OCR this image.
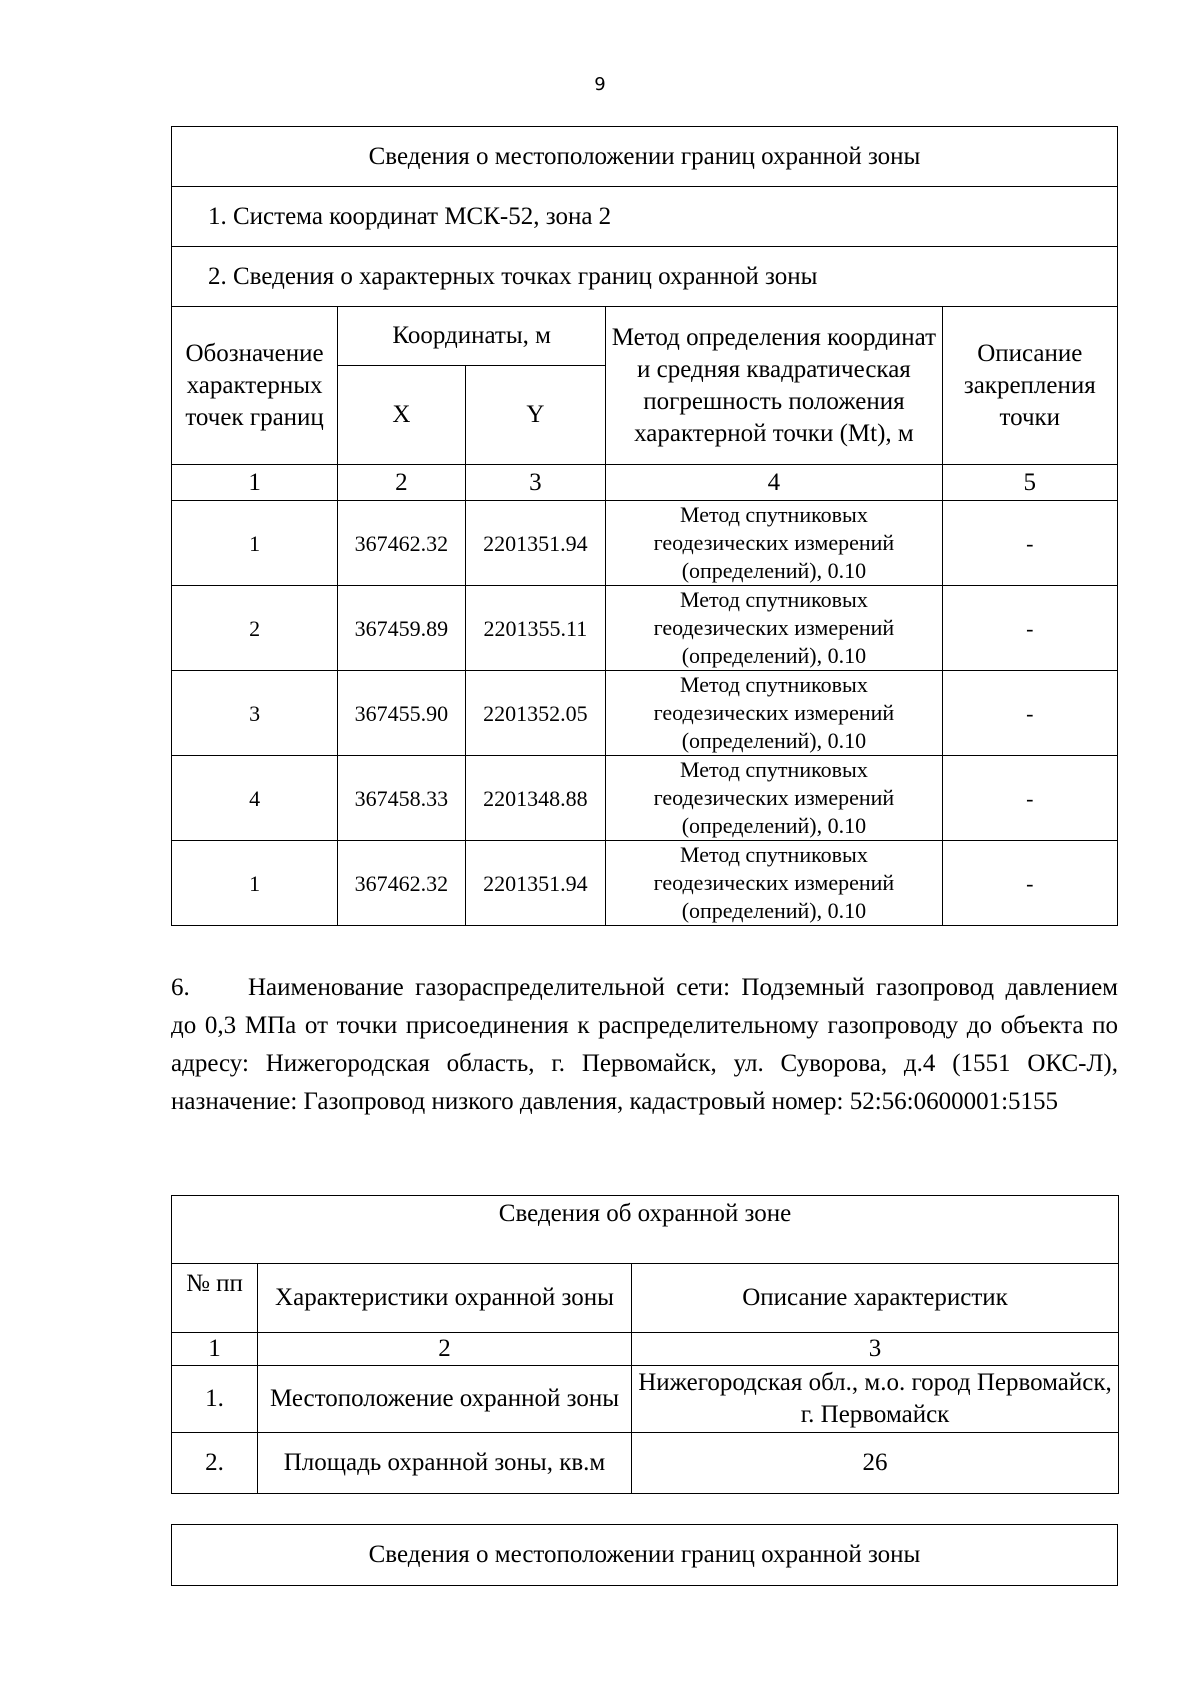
9
Сведения о местоположении границ охранной зоны				
1. Система координат МСК-52, зона 2				
2. Сведения о характерных точках границ охранной зоны				
Обозначение характерных точек границ	Координаты, м		Метод определения координат и средняя квадратическая погрешность положения характерной точки (Mt), м	Описание закрепления точки
	X	Y		
1	2	3	4	5
1	367462.32	2201351.94	Метод спутниковых геодезических измерений (определений), 0.10	-
2	367459.89	2201355.11	Метод спутниковых геодезических измерений (определений), 0.10	-
3	367455.90	2201352.05	Метод спутниковых геодезических измерений (определений), 0.10	-
4	367458.33	2201348.88	Метод спутниковых геодезических измерений (определений), 0.10	-
1	367462.32	2201351.94	Метод спутниковых геодезических измерений (определений), 0.10	-

6. Наименование газораспределительной сети: Подземный газопровод давлением до 0,3 МПа от точки присоединения к распределительному газопроводу до объекта по адресу: Нижегородская область, г. Первомайск, ул. Суворова, д.4 (1551 ОКС-Л), назначение: Газопровод низкого давления, кадастровый номер: 52:56:0600001:5155

Сведения об охранной зоне		
№ пп	Характеристики охранной зоны	Описание характеристик
1	2	3
1.	Местоположение охранной зоны	Нижегородская обл., м.о. город Первомайск, г. Первомайск
2.	Площадь охранной зоны, кв.м	26
Сведения о местоположении границ охранной зоны
